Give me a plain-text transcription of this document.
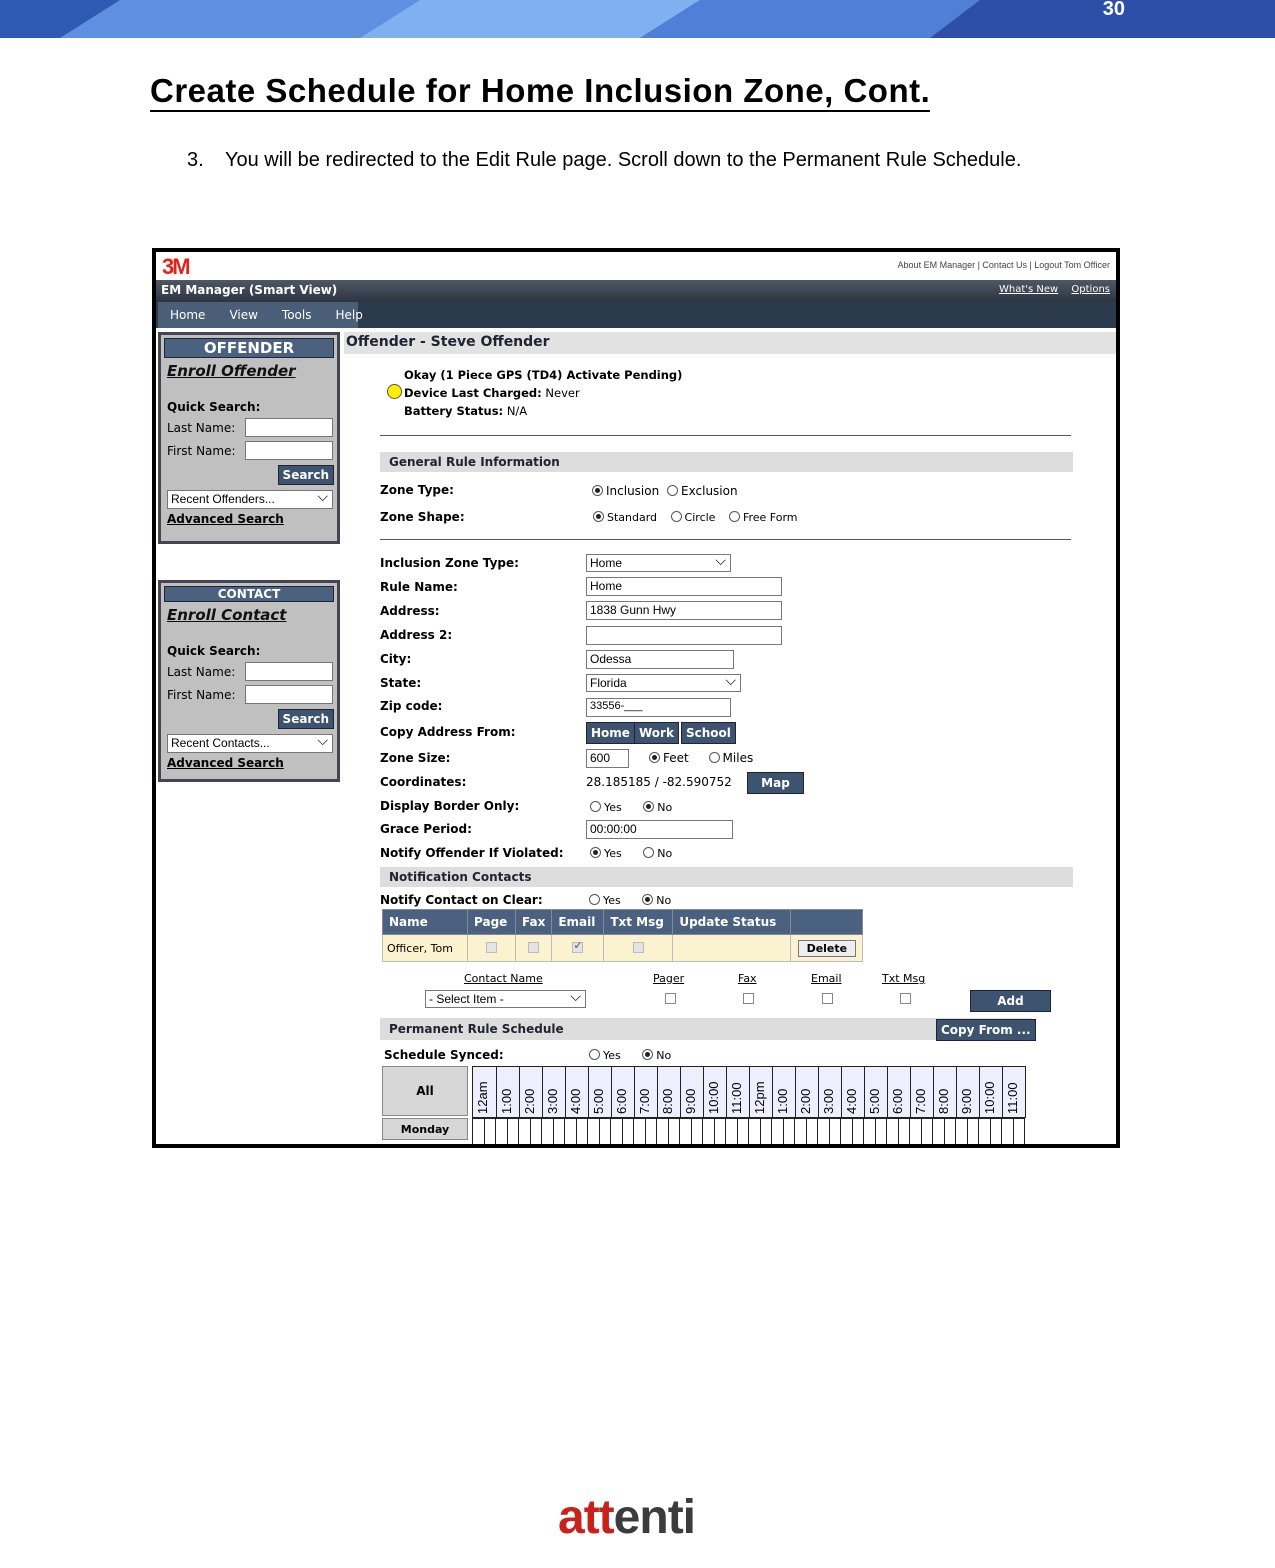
30
Create Schedule for Home Inclusion Zone, Cont.
3. You will be redirected to the Edit Rule page. Scroll down to the Permanent Rule Schedule.
3M	About EM Manager | Contact Us | Logout Tom Officer
EM Manager (Smart View)	What's New Options
Home	View	Tools	Help
OFFENDER
Enroll Offender
Quick Search:
Last Name:
First Name:
Search
Recent Offenders... ⌵
Advanced Search
CONTACT
Enroll Contact
Quick Search:
Last Name:
First Name:
Search
Recent Contacts... ⌵
Advanced Search
Offender - Steve Offender
Okay (1 Piece GPS (TD4) Activate Pending)
Device Last Charged: Never
Battery Status: N/A
General Rule Information
Zone Type:	Inclusion Exclusion
Zone Shape:	Standard	Circle	Free Form
Inclusion Zone Type:	Home ⌵
Rule Name:	Home
Address:	1838 Gunn Hwy
Address 2:
City:	Odessa
State:	Florida ⌵
Zip code:	33556-___
Copy Address From:	Home Work	School
Zone Size:	600	Feet	Miles
Coordinates:	28.185185 / -82.590752	Map
Display Border Only:	Yes	No
Grace Period:	00:00:00
Notify Offender If Violated:	Yes	No
Notification Contacts
Notify Contact on Clear:	Yes	No
Name	Page	Fax	Email	Txt Msg	Update Status	
Officer, Tom			✓			Delete
Contact Name	Pager	Fax	Email	Txt Msg
- Select Item - ⌵	Add
Permanent Rule Schedule	Copy From ...
Schedule Synced:	Yes	No
All
Monday
12am 1:00 2:00 3:00 4:00 5:00 6:00 7:00 8:00 9:00 10:00 11:00 12pm 1:00 2:00 3:00 4:00 5:00 6:00 7:00 8:00 9:00 10:00 11:00
attenti
